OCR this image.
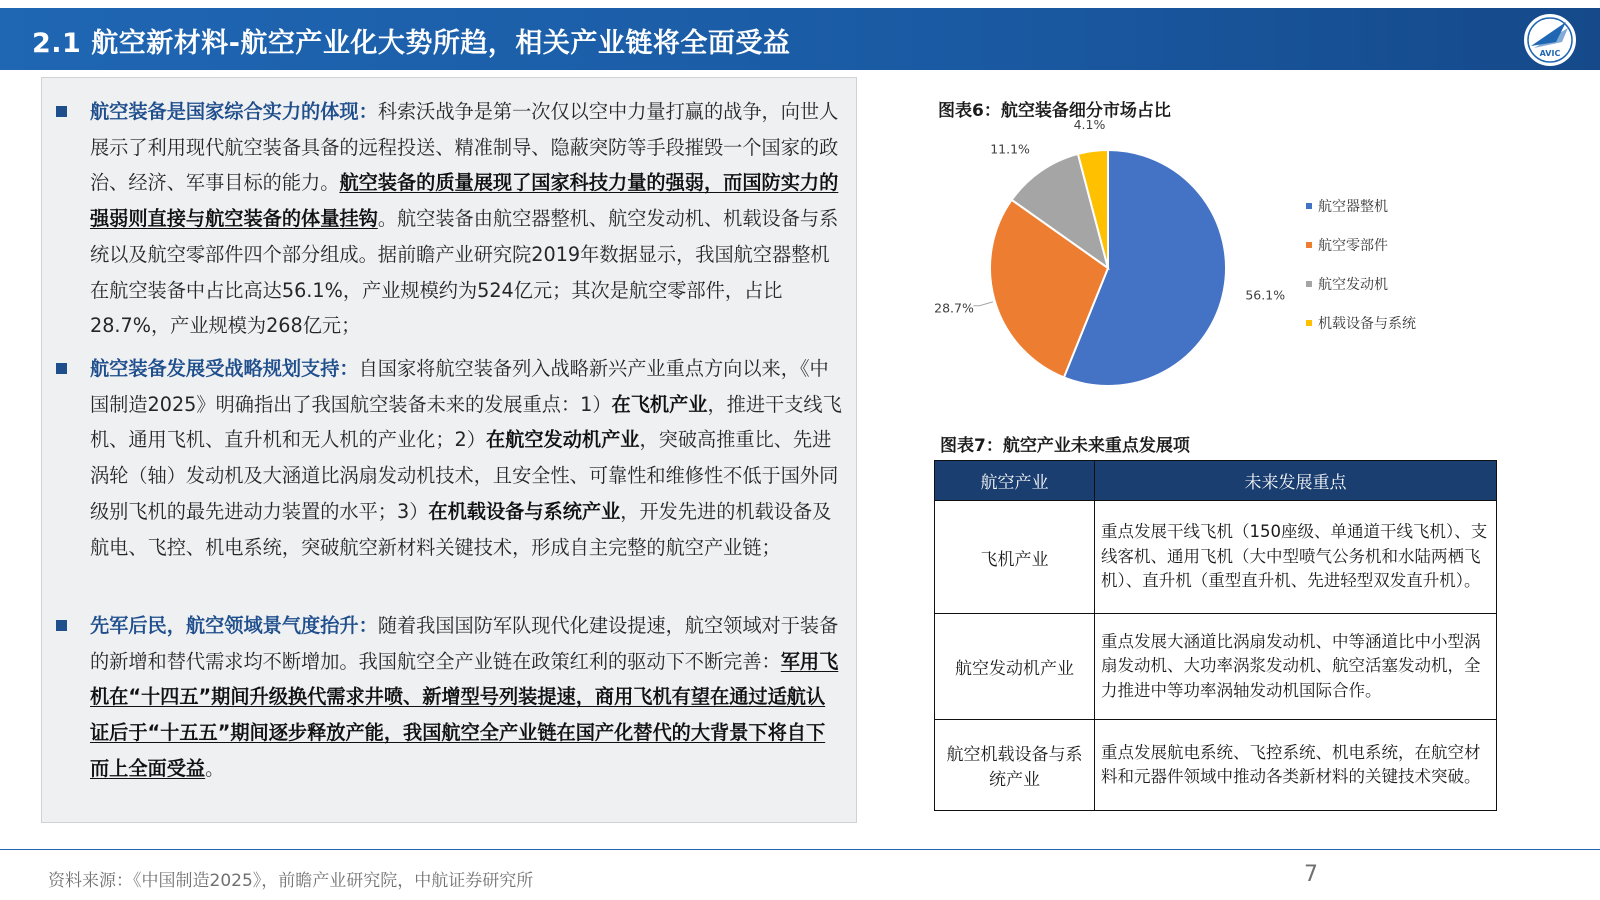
2.1 航空新材料-航空产业化大势所趋，相关产业链将全面受益	AVIC

航空装备是国家综合实力的体现：科索沃战争是第一次仅以空中力量打赢的战争，向世人展示了利用现代航空装备具备的远程投送、精准制导、隐蔽突防等手段摧毁一个国家的政治、经济、军事目标的能力。航空装备的质量展现了国家科技力量的强弱，而国防实力的强弱则直接与航空装备的体量挂钩。航空装备由航空器整机、航空发动机、机载设备与系统以及航空零部件四个部分组成。据前瞻产业研究院2019年数据显示，我国航空器整机在航空装备中占比高达56.1%，产业规模约为524亿元；其次是航空零部件，占比28.7%，产业规模为268亿元；

航空装备发展受战略规划支持：自国家将航空装备列入战略新兴产业重点方向以来，《中国制造2025》明确指出了我国航空装备未来的发展重点：1）在飞机产业，推进干支线飞机、通用飞机、直升机和无人机的产业化；2）在航空发动机产业，突破高推重比、先进涡轮（轴）发动机及大涵道比涡扇发动机技术，且安全性、可靠性和维修性不低于国外同级别飞机的最先进动力装置的水平；3）在机载设备与系统产业，开发先进的机载设备及航电、飞控、机电系统，突破航空新材料关键技术，形成自主完整的航空产业链；

先军后民，航空领域景气度抬升：随着我国国防军队现代化建设提速，航空领域对于装备的新增和替代需求均不断增加。我国航空全产业链在政策红利的驱动下不断完善：军用飞机在“十四五”期间升级换代需求井喷、新增型号列装提速，商用飞机有望在通过适航认证后于“十五五”期间逐步释放产能，我国航空全产业链在国产化替代的大背景下将自下而上全面受益。

图表6：航空装备细分市场占比
56.1%
28.7%
11.1%
4.1%
航空器整机
航空零部件
航空发动机
机载设备与系统
图表7：航空产业未来重点发展项
航空产业	未来发展重点
飞机产业	重点发展干线飞机（150座级、单通道干线飞机）、支线客机、通用飞机（大中型喷气公务机和水陆两栖飞机）、直升机（重型直升机、先进轻型双发直升机）。
航空发动机产业	重点发展大涵道比涡扇发动机、中等涵道比中小型涡扇发动机、大功率涡浆发动机、航空活塞发动机，全力推进中等功率涡轴发动机国际合作。
航空机载设备与系统产业	重点发展航电系统、飞控系统、机电系统，在航空材料和元器件领域中推动各类新材料的关键技术突破。
资料来源：《中国制造2025》，前瞻产业研究院，中航证券研究所	7
